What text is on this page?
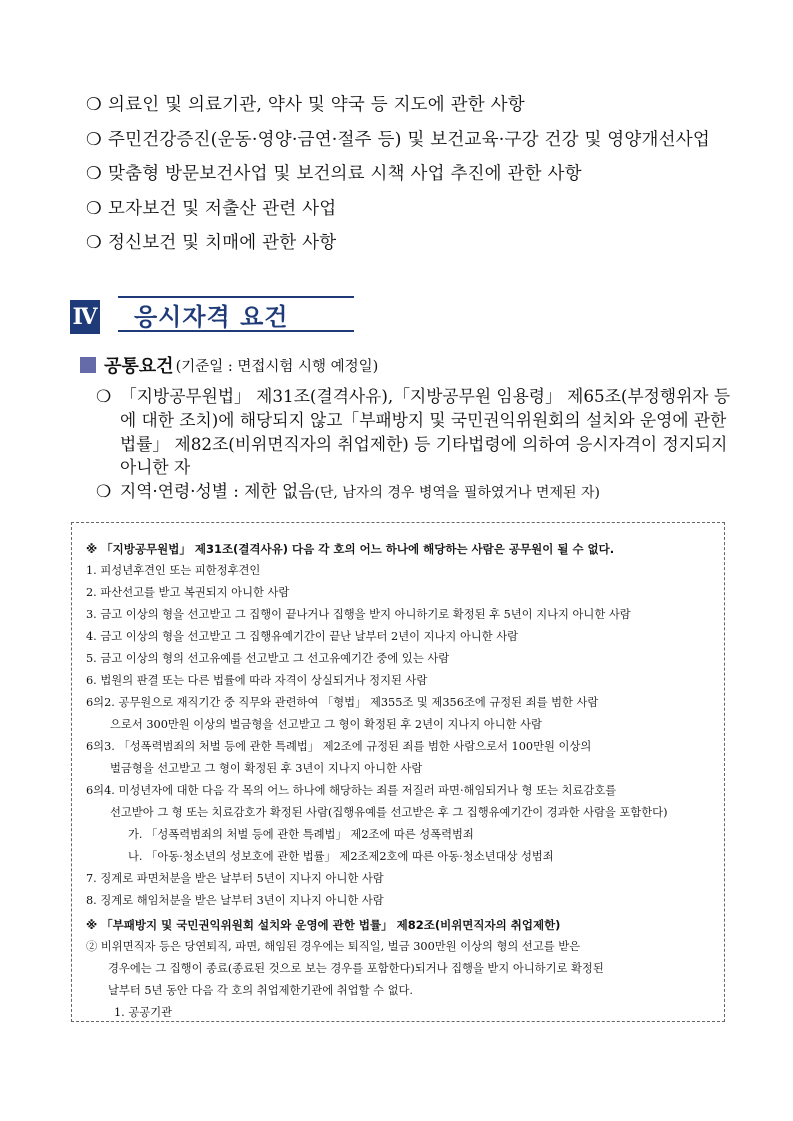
❍ 의료인 및 의료기관, 약사 및 약국 등 지도에 관한 사항
❍ 주민건강증진(운동·영양·금연·절주 등) 및 보건교육·구강 건강 및 영양개선사업
❍ 맞춤형 방문보건사업 및 보건의료 시책 사업 추진에 관한 사항
❍ 모자보건 및 저출산 관련 사업
❍ 정신보건 및 치매에 관한 사항
Ⅳ	응시자격 요건
공통요건 (기준일 : 면접시험 시행 예정일)
❍ 「지방공무원법」 제31조(결격사유),「지방공무원 임용령」 제65조(부정행위자 등에 대한 조치)에 해당되지 않고「부패방지 및 국민권익위원회의 설치와 운영에 관한 법률」 제82조(비위면직자의 취업제한) 등 기타법령에 의하여 응시자격이 정지되지 아니한 자
❍ 지역·연령·성별 : 제한 없음(단, 남자의 경우 병역을 필하였거나 면제된 자)
※ 「지방공무원법」 제31조(결격사유) 다음 각 호의 어느 하나에 해당하는 사람은 공무원이 될 수 없다.
1. 피성년후견인 또는 피한정후견인
2. 파산선고를 받고 복권되지 아니한 사람
3. 금고 이상의 형을 선고받고 그 집행이 끝나거나 집행을 받지 아니하기로 확정된 후 5년이 지나지 아니한 사람
4. 금고 이상의 형을 선고받고 그 집행유예기간이 끝난 날부터 2년이 지나지 아니한 사람
5. 금고 이상의 형의 선고유예를 선고받고 그 선고유예기간 중에 있는 사람
6. 법원의 판결 또는 다른 법률에 따라 자격이 상실되거나 정지된 사람
6의2. 공무원으로 재직기간 중 직무와 관련하여 「형법」 제355조 및 제356조에 규정된 죄를 범한 사람
으로서 300만원 이상의 벌금형을 선고받고 그 형이 확정된 후 2년이 지나지 아니한 사람
6의3. 「성폭력범죄의 처벌 등에 관한 특례법」 제2조에 규정된 죄를 범한 사람으로서 100만원 이상의
벌금형을 선고받고 그 형이 확정된 후 3년이 지나지 아니한 사람
6의4. 미성년자에 대한 다음 각 목의 어느 하나에 해당하는 죄를 저질러 파면·해임되거나 형 또는 치료감호를
선고받아 그 형 또는 치료감호가 확정된 사람(집행유예를 선고받은 후 그 집행유예기간이 경과한 사람을 포함한다)
가. 「성폭력범죄의 처벌 등에 관한 특례법」 제2조에 따른 성폭력범죄
나. 「아동·청소년의 성보호에 관한 법률」 제2조제2호에 따른 아동·청소년대상 성범죄
7. 징계로 파면처분을 받은 날부터 5년이 지나지 아니한 사람
8. 징계로 해임처분을 받은 날부터 3년이 지나지 아니한 사람
※ 「부패방지 및 국민권익위원회 설치와 운영에 관한 법률」 제82조(비위면직자의 취업제한)
② 비위면직자 등은 당연퇴직, 파면, 해임된 경우에는 퇴직일, 벌금 300만원 이상의 형의 선고를 받은
경우에는 그 집행이 종료(종료된 것으로 보는 경우를 포함한다)되거나 집행을 받지 아니하기로 확정된
날부터 5년 동안 다음 각 호의 취업제한기관에 취업할 수 없다.
1. 공공기관
